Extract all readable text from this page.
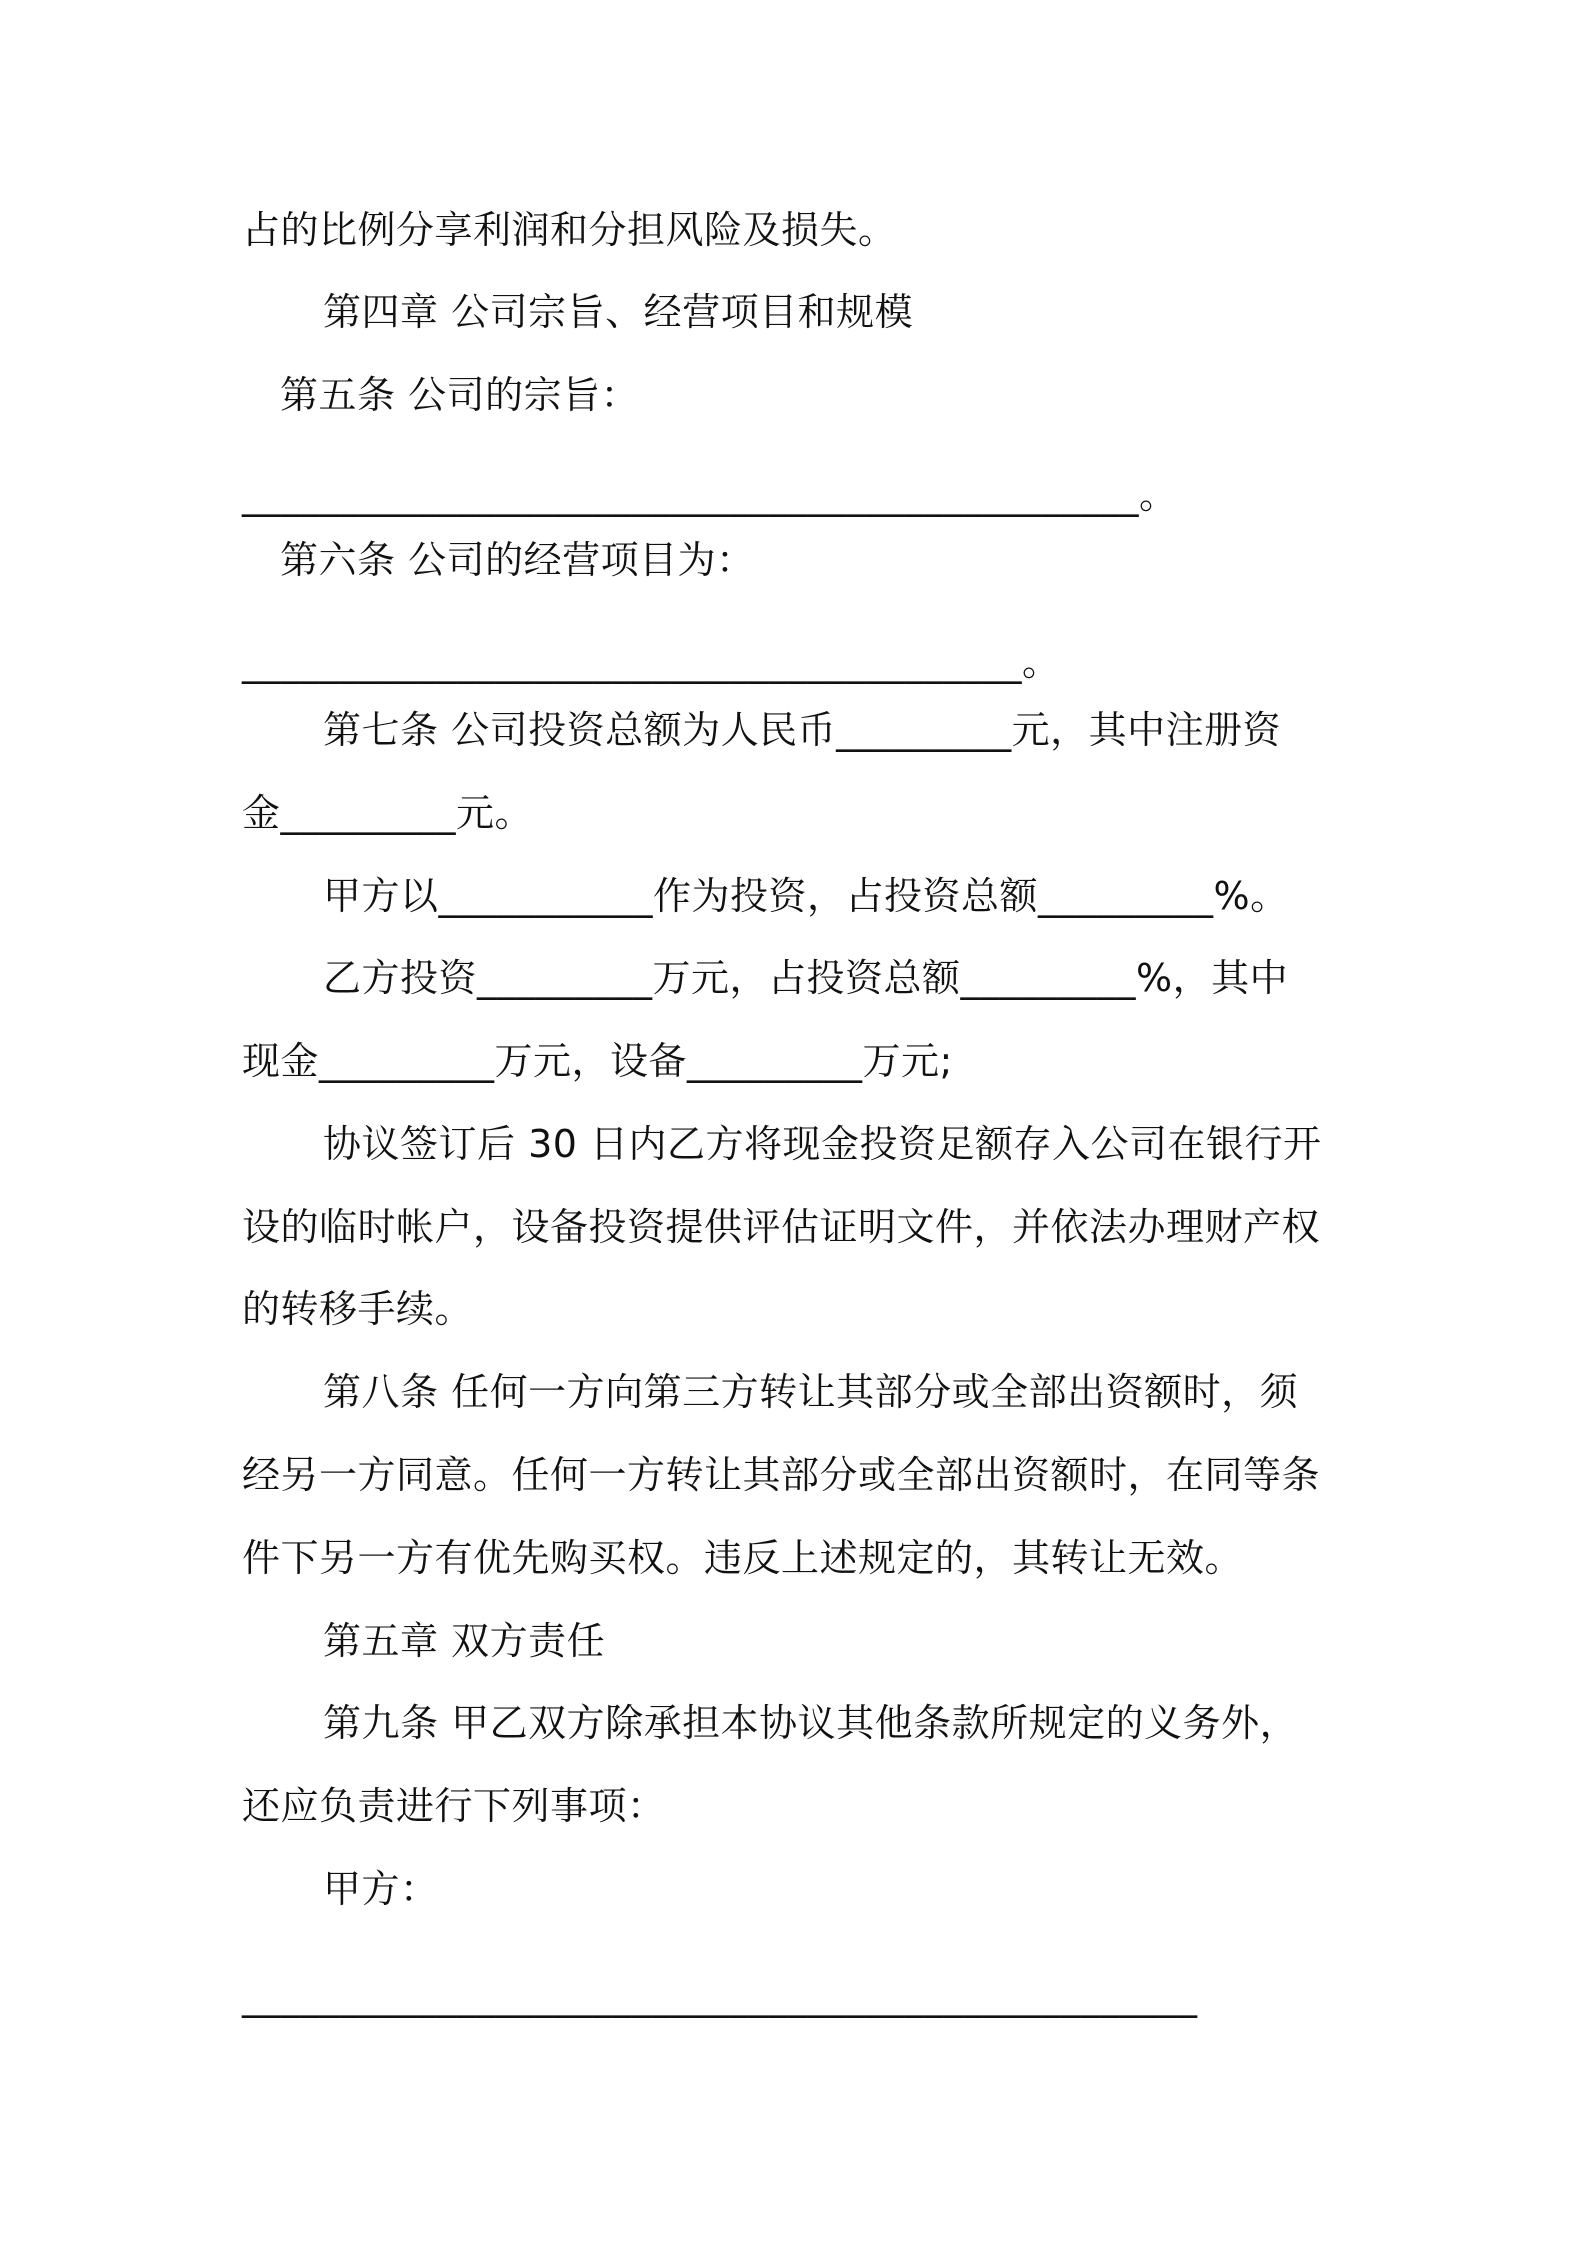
占的比例分享利润和分担风险及损失。
第四章 公司宗旨、经营项目和规模
第五条 公司的宗旨：
______________________________________________。
第六条 公司的经营项目为：
________________________________________。
第七条 公司投资总额为人民币_________元，其中注册资
金_________元。
甲方以___________作为投资，占投资总额_________%。
乙方投资_________万元，占投资总额_________%，其中
现金_________万元，设备_________万元;
协议签订后 30 日内乙方将现金投资足额存入公司在银行开
设的临时帐户，设备投资提供评估证明文件，并依法办理财产权
的转移手续。
第八条 任何一方向第三方转让其部分或全部出资额时，须
经另一方同意。任何一方转让其部分或全部出资额时，在同等条
件下另一方有优先购买权。违反上述规定的，其转让无效。
第五章 双方责任
第九条 甲乙双方除承担本协议其他条款所规定的义务外，
还应负责进行下列事项：
甲方：
_________________________________________________
